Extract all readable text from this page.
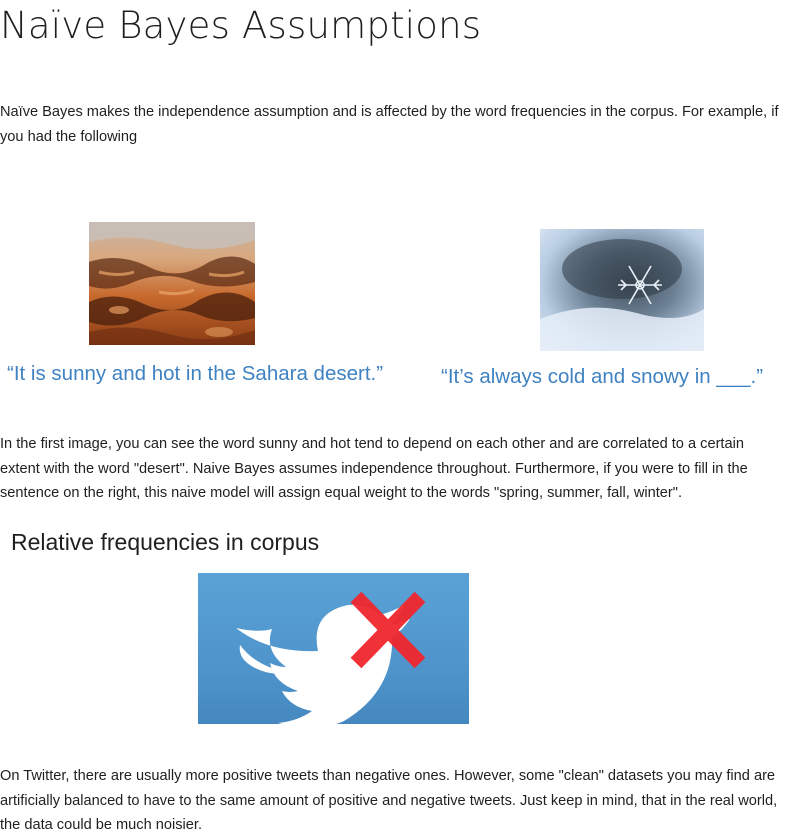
Naïve Bayes Assumptions

Naïve Bayes makes the independence assumption and is affected by the word frequencies in the corpus. For example, if you had the following

“It is sunny and hot in the Sahara desert.”	“It’s always cold and snowy in ___.”

In the first image, you can see the word sunny and hot tend to depend on each other and are correlated to a certain extent with the word "desert". Naive Bayes assumes independence throughout. Furthermore, if you were to fill in the sentence on the right, this naive model will assign equal weight to the words "spring, summer, fall, winter".

Relative frequencies in corpus

On Twitter, there are usually more positive tweets than negative ones. However, some "clean" datasets you may find are artificially balanced to have to the same amount of positive and negative tweets. Just keep in mind, that in the real world, the data could be much noisier.
